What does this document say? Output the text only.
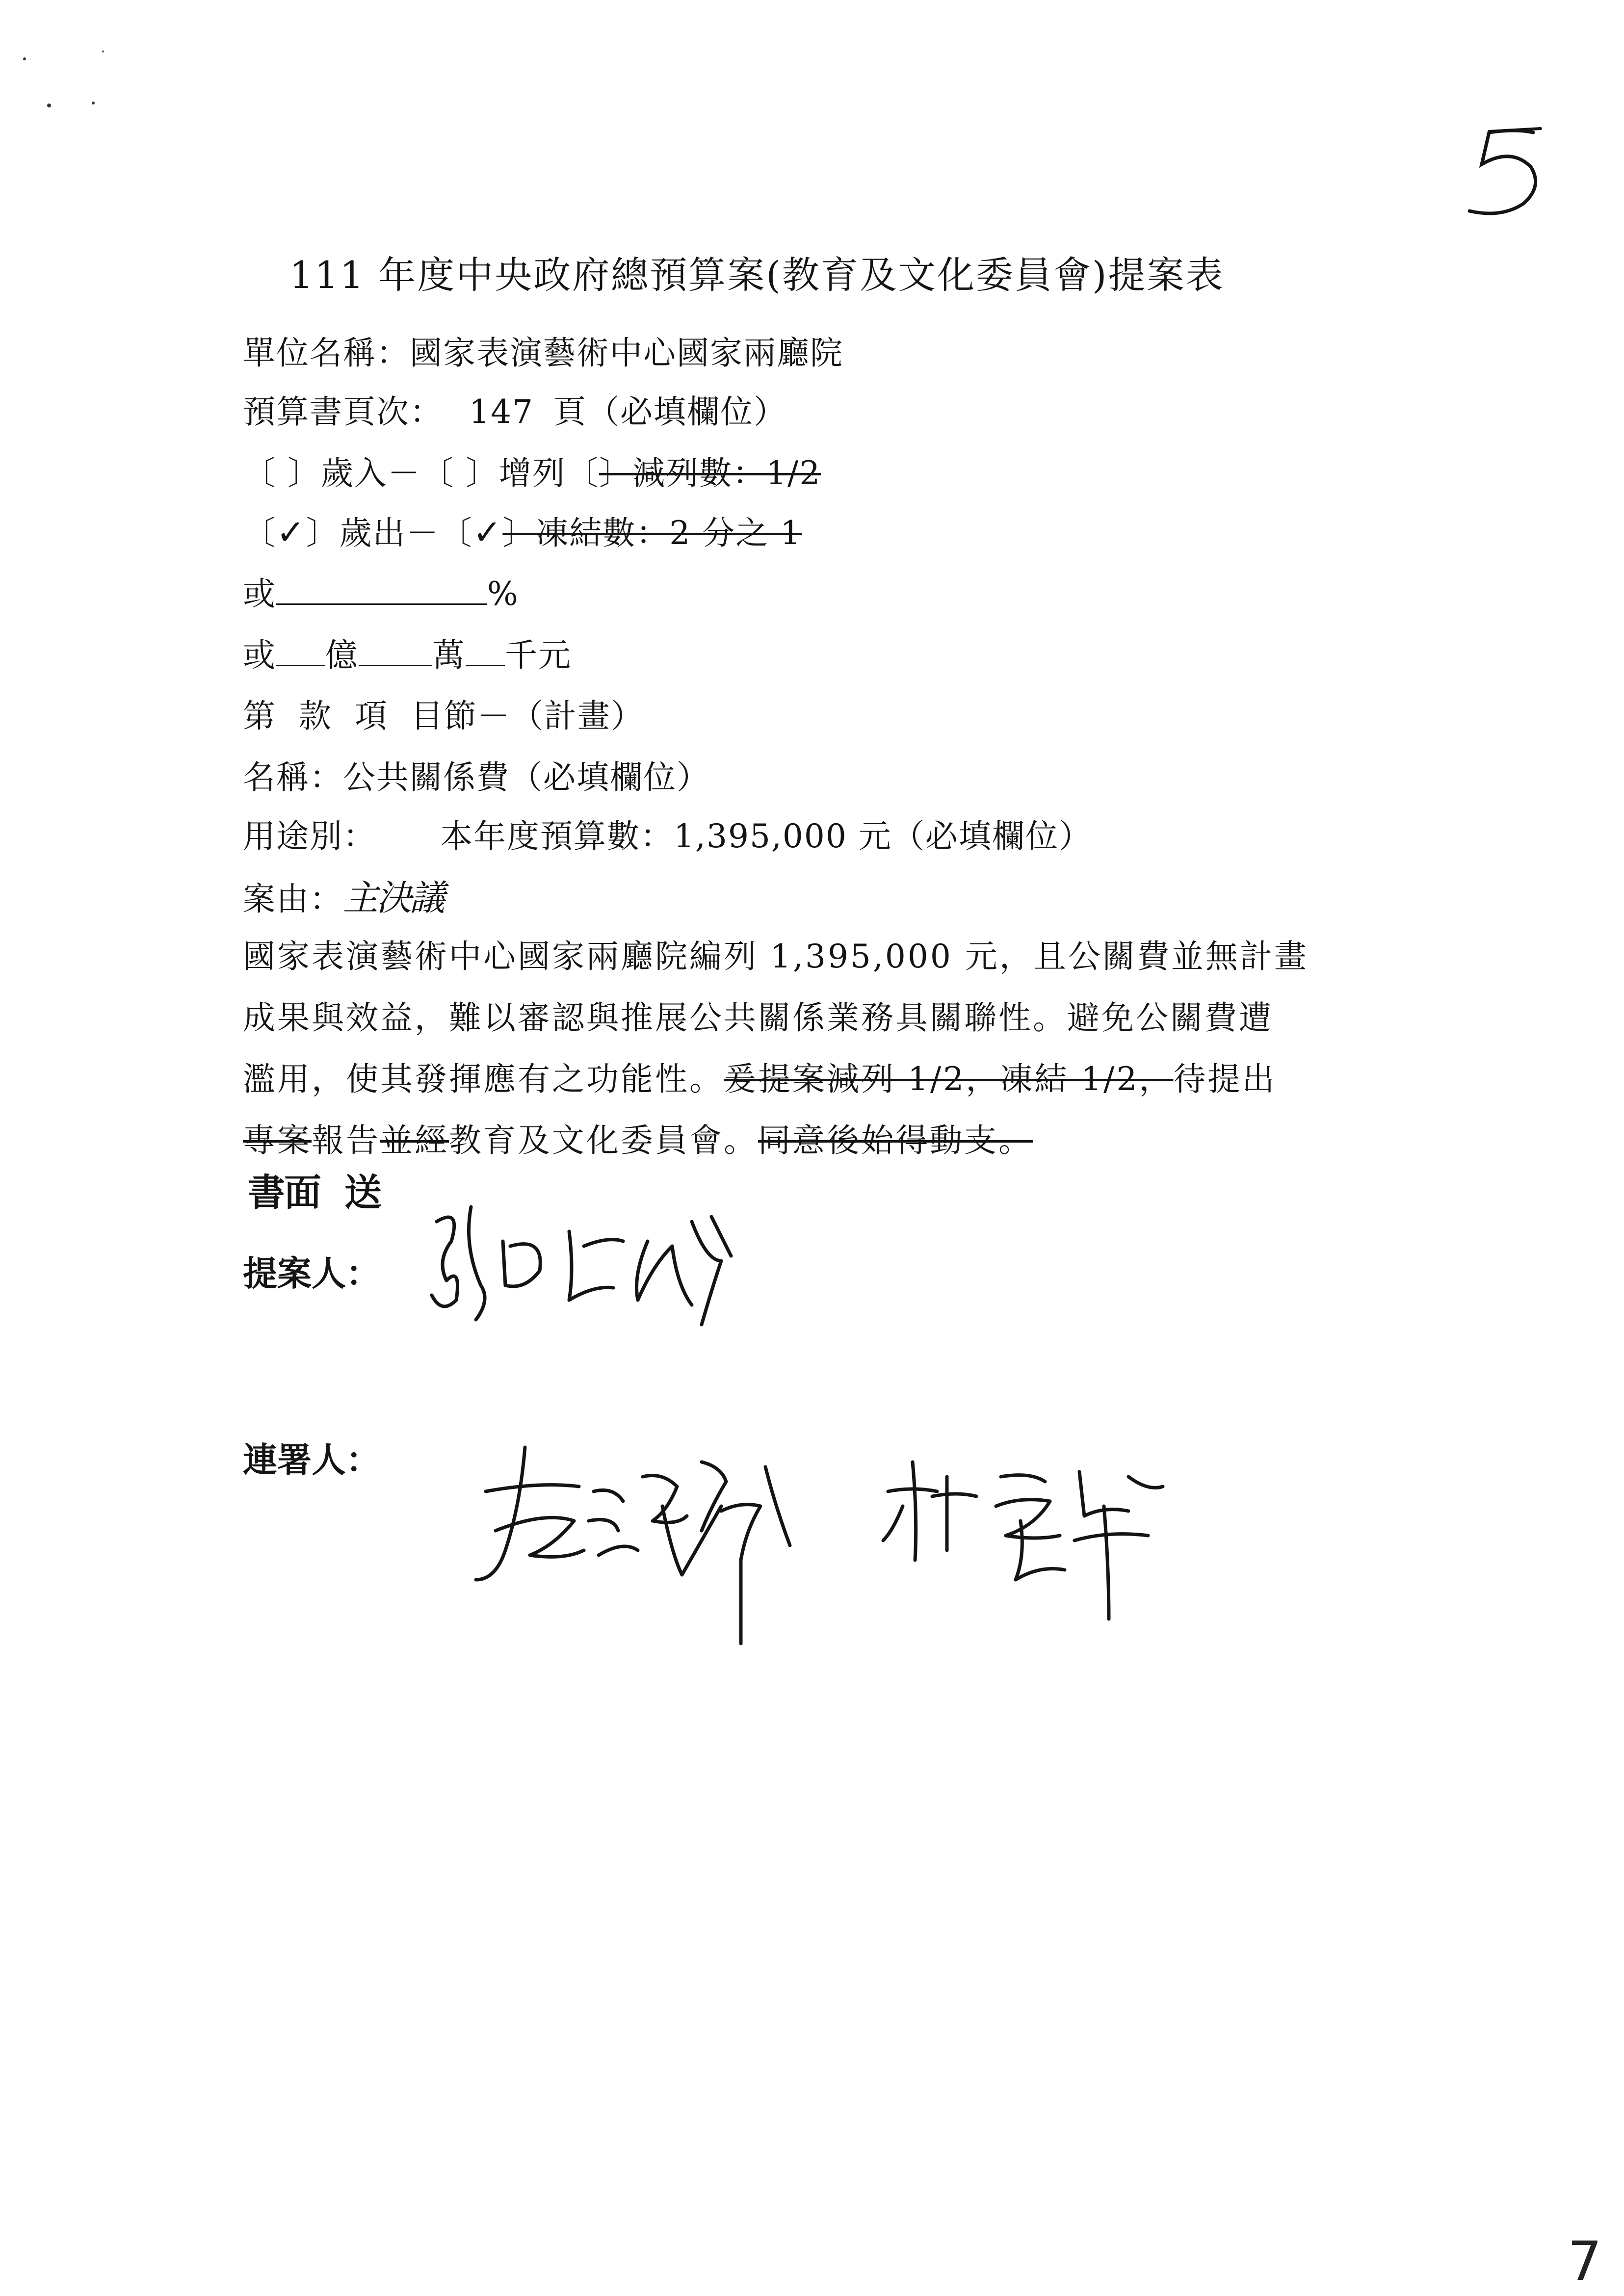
111 年度中央政府總預算案(教育及文化委員會)提案表
單位名稱：國家表演藝術中心國家兩廳院
預算書頁次： 147 頁（必填欄位）
〔 〕歲入－〔 〕增列〔〕減列數：1/2
〔✓〕歲出－〔✓〕凍結數：2 分之 1
或	%
或 億 萬 千元
第  款  項  目節－（計畫）
名稱：公共關係費（必填欄位）
用途別： 本年度預算數：1,395,000 元（必填欄位）
案由：主決議
國家表演藝術中心國家兩廳院編列 1,395,000 元，且公關費並無計畫
成果與效益，難以審認與推展公共關係業務具關聯性。避免公關費遭
濫用，使其發揮應有之功能性。爰提案減列 1/2，凍結 1/2，待提出
專案報告並經教育及文化委員會。同意後始得動支。
書面  送
提案人：
連署人：
7
